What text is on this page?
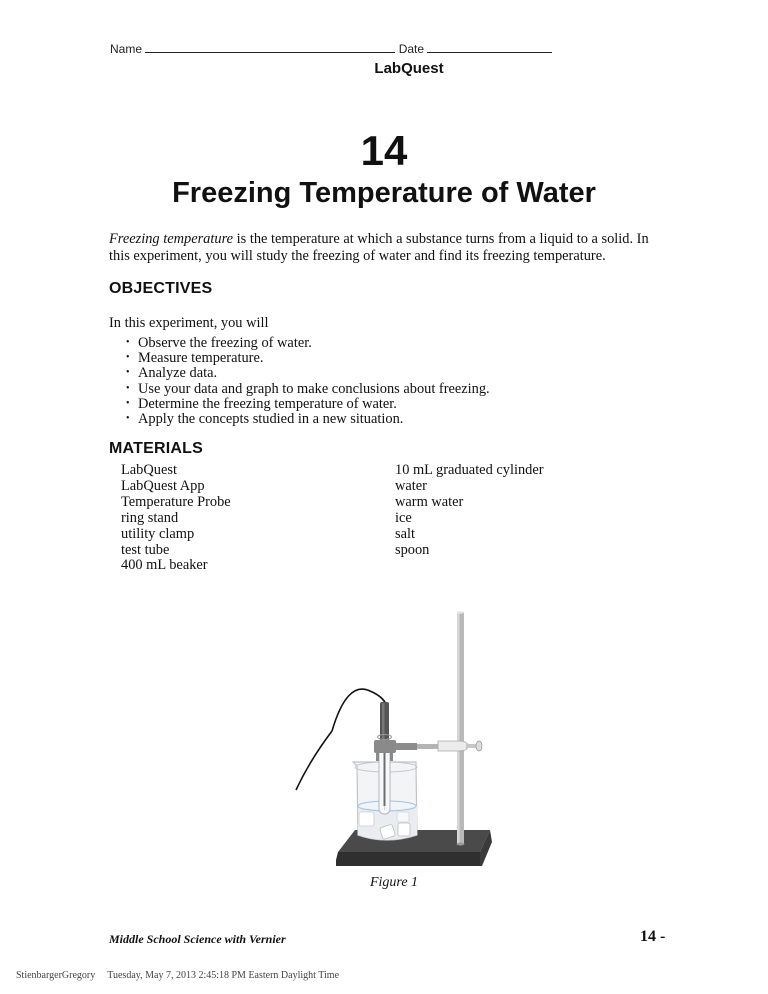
Name	Date
LabQuest
14
Freezing Temperature of Water

Freezing temperature is the temperature at which a substance turns from a liquid to a solid. In this experiment, you will study the freezing of water and find its freezing temperature.

OBJECTIVES
In this experiment, you will
• Observe the freezing of water.
• Measure temperature.
• Analyze data.
• Use your data and graph to make conclusions about freezing.
• Determine the freezing temperature of water.
• Apply the concepts studied in a new situation.
MATERIALS
LabQuest
LabQuest App
Temperature Probe
ring stand
utility clamp
test tube
400 mL beaker
10 mL graduated cylinder
water
warm water
ice
salt
spoon
Figure 1
Middle School Science with Vernier	14 -
StienbargerGregory Tuesday, May 7, 2013 2:45:18 PM Eastern Daylight Time
